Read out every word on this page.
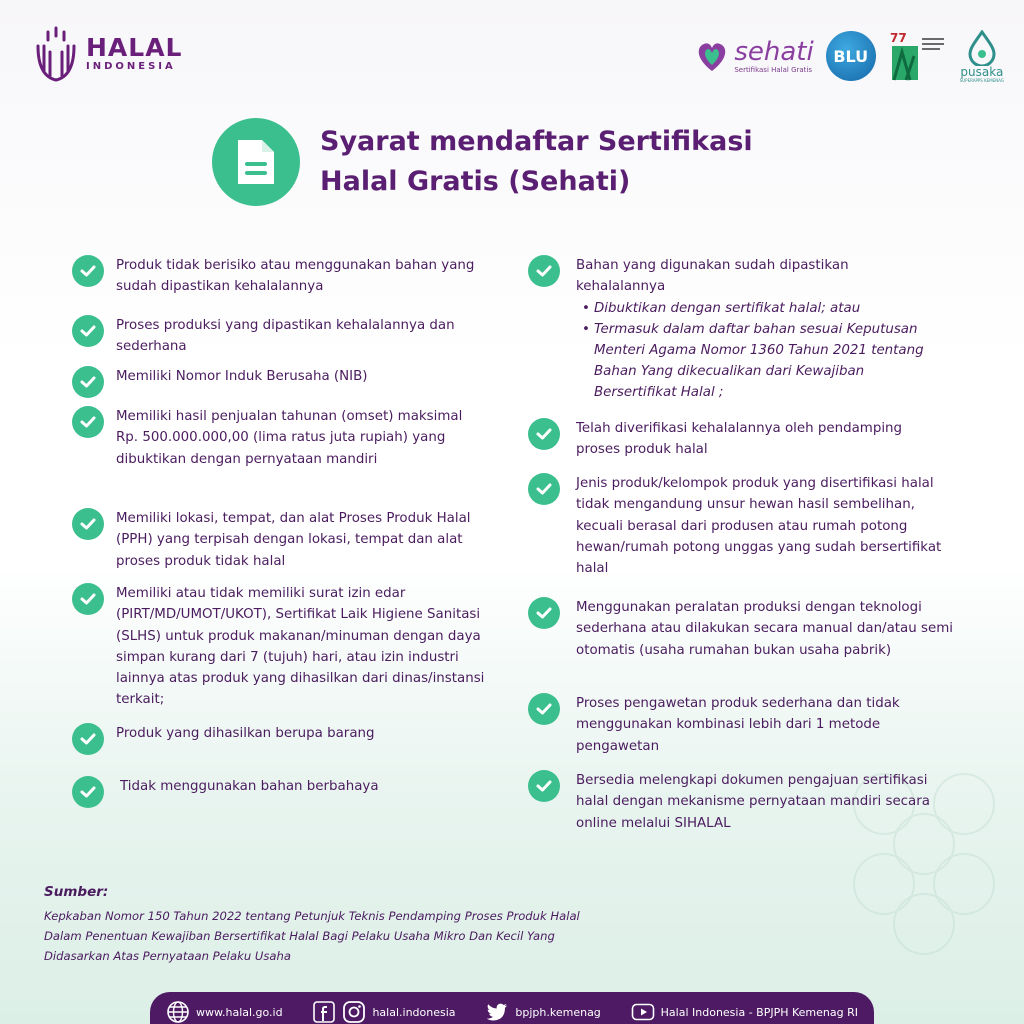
HALAL
INDONESIA	sehati
Sertifikasi Halal Gratis
BLU
77
pusaka
SUPERAPPS KEMENAG
Syarat mendaftar Sertifikasi
Halal Gratis (Sehati)
Produk tidak berisiko atau menggunakan bahan yang sudah dipastikan kehalalannya
Proses produksi yang dipastikan kehalalannya dan sederhana
Memiliki Nomor Induk Berusaha (NIB)
Memiliki hasil penjualan tahunan (omset) maksimal Rp. 500.000.000,00 (lima ratus juta rupiah) yang dibuktikan dengan pernyataan mandiri
Memiliki lokasi, tempat, dan alat Proses Produk Halal (PPH) yang terpisah dengan lokasi, tempat dan alat proses produk tidak halal
Memiliki atau tidak memiliki surat izin edar (PIRT/MD/UMOT/UKOT), Sertifikat Laik Higiene Sanitasi (SLHS) untuk produk makanan/minuman dengan daya simpan kurang dari 7 (tujuh) hari, atau izin industri lainnya atas produk yang dihasilkan dari dinas/instansi terkait;
Produk yang dihasilkan berupa barang
Tidak menggunakan bahan berbahaya
Bahan yang digunakan sudah dipastikan kehalalannya
• Dibuktikan dengan sertifikat halal; atau
• Termasuk dalam daftar bahan sesuai Keputusan Menteri Agama Nomor 1360 Tahun 2021 tentang Bahan Yang dikecualikan dari Kewajiban Bersertifikat Halal ;
Telah diverifikasi kehalalannya oleh pendamping proses produk halal
Jenis produk/kelompok produk yang disertifikasi halal tidak mengandung unsur hewan hasil sembelihan, kecuali berasal dari produsen atau rumah potong hewan/rumah potong unggas yang sudah bersertifikat halal
Menggunakan peralatan produksi dengan teknologi sederhana atau dilakukan secara manual dan/atau semi otomatis (usaha rumahan bukan usaha pabrik)
Proses pengawetan produk sederhana dan tidak menggunakan kombinasi lebih dari 1 metode pengawetan
Bersedia melengkapi dokumen pengajuan sertifikasi halal dengan mekanisme pernyataan mandiri secara online melalui SIHALAL
Sumber:
Kepkaban Nomor 150 Tahun 2022 tentang Petunjuk Teknis Pendamping Proses Produk Halal Dalam Penentuan Kewajiban Bersertifikat Halal Bagi Pelaku Usaha Mikro Dan Kecil Yang Didasarkan Atas Pernyataan Pelaku Usaha
www.halal.go.id	halal.indonesia	bpjph.kemenag	Halal Indonesia - BPJPH Kemenag RI
